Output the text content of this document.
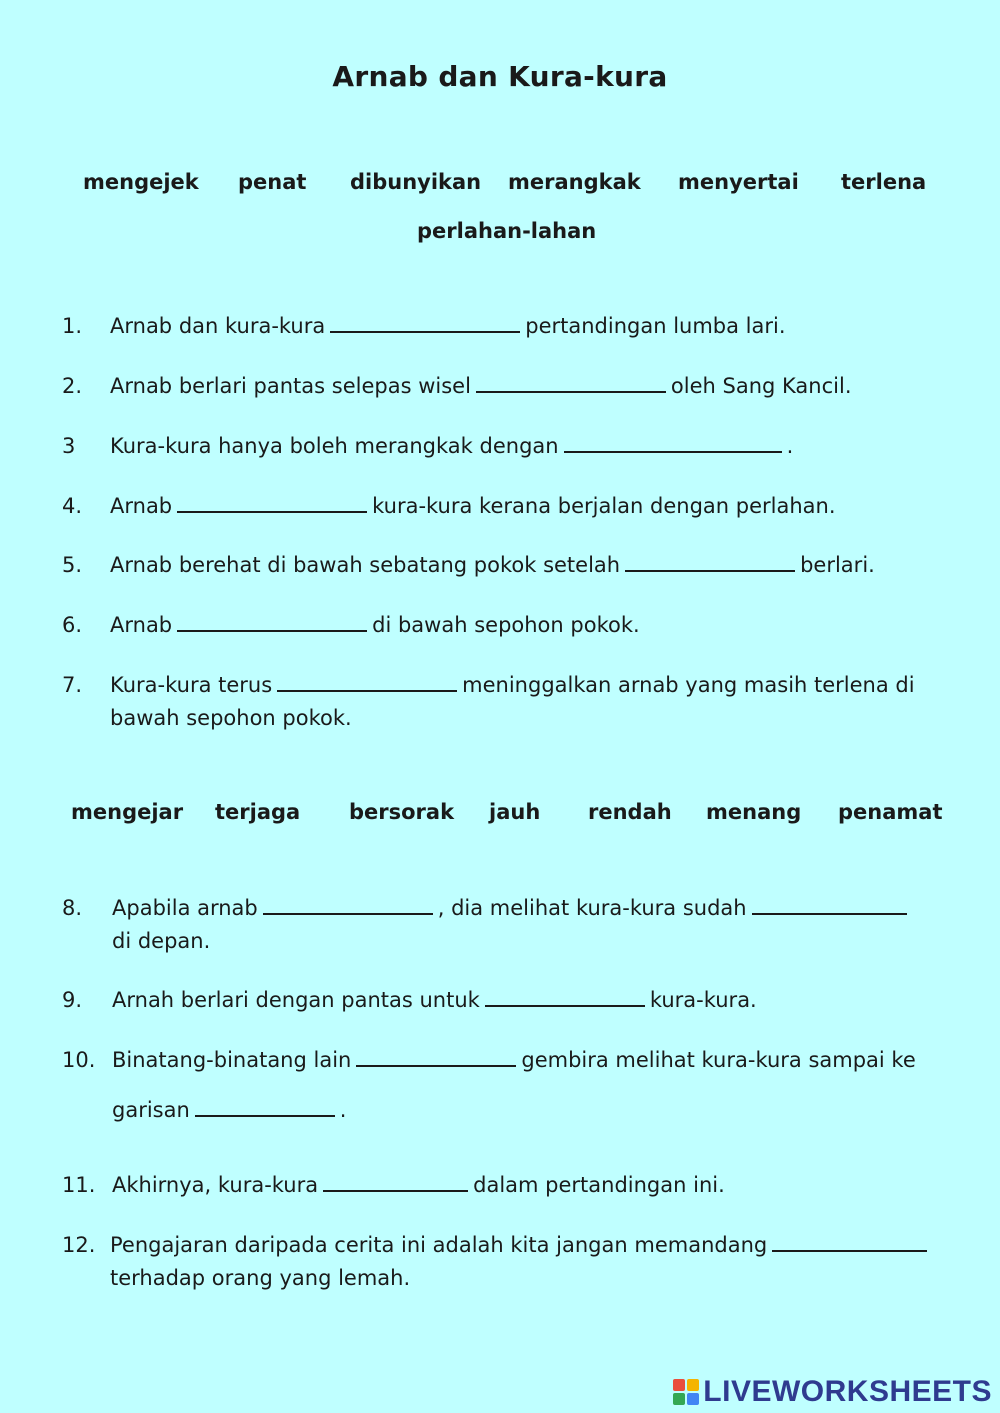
Arnab dan Kura-kura
mengejek penat dibunyikan merangkak menyertai terlena
perlahan-lahan
1. Arnab dan kura-kura	pertandingan lumba lari.
2. Arnab berlari pantas selepas wisel	oleh Sang Kancil.
3 Kura-kura hanya boleh merangkak dengan	.
4. Arnab	kura-kura kerana berjalan dengan perlahan.
5. Arnab berehat di bawah sebatang pokok setelah	berlari.
6. Arnab	di bawah sepohon pokok.
7. Kura-kura terus	meninggalkan arnab yang masih terlena di
bawah sepohon pokok.
mengejar terjaga bersorak jauh rendah menang penamat
8. Apabila arnab	, dia melihat kura-kura sudah
di depan.
9. Arnah berlari dengan pantas untuk	kura-kura.
10. Binatang-binatang lain	gembira melihat kura-kura sampai ke
garisan	.
11. Akhirnya, kura-kura	dalam pertandingan ini.
12. Pengajaran daripada cerita ini adalah kita jangan memandang
terhadap orang yang lemah.
LIVEWORKSHEETS
